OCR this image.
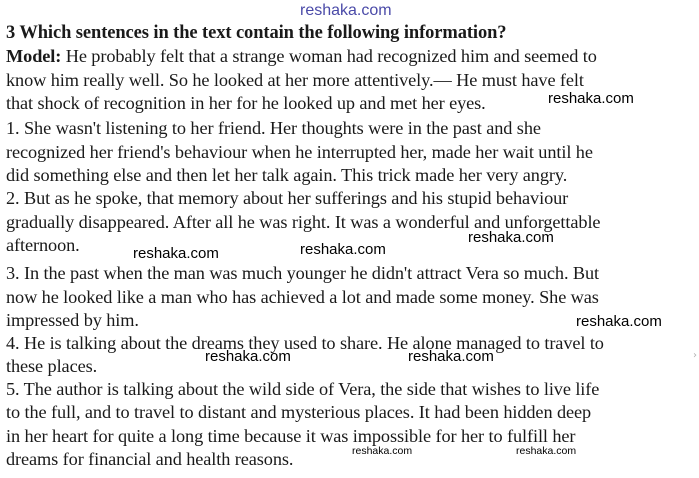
reshaka.com
3 Which sentences in the text contain the following information?
Model: He probably felt that a strange woman had recognized him and seemed to
know him really well. So he looked at her more attentively.— He must have felt
that shock of recognition in her for he looked up and met her eyes.	reshaka.com
1. She wasn't listening to her friend. Her thoughts were in the past and she
recognized her friend's behaviour when he interrupted her, made her wait until he
did something else and then let her talk again. This trick made her very angry.
2. But as he spoke, that memory about her sufferings and his stupid behaviour
gradually disappeared. After all he was right. It was a wonderful and unforgettable
afternoon.	reshaka.com
reshaka.com	reshaka.com
3. In the past when the man was much younger he didn't attract Vera so much. But
now he looked like a man who has achieved a lot and made some money. She was
impressed by him.	reshaka.com
4. He is talking about the dreams they used to share. He alone managed to travel to
these places.	reshaka.com	reshaka.com
5. The author is talking about the wild side of Vera, the side that wishes to live life
to the full, and to travel to distant and mysterious places. It had been hidden deep
in her heart for quite a long time because it was impossible for her to fulfill her
dreams for financial and health reasons.	reshaka.com	reshaka.com
›
